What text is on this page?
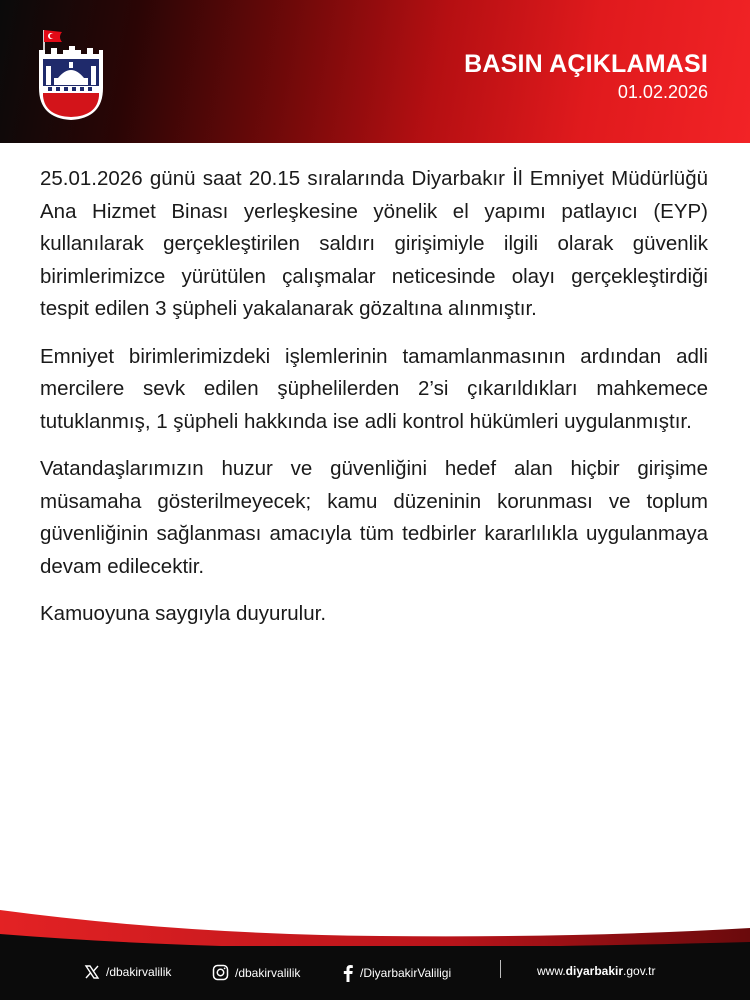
BASIN AÇIKLAMASI
01.02.2026

25.01.2026 günü saat 20.15 sıralarında Diyarbakır İl Emniyet Müdürlüğü Ana Hizmet Binası yerleşkesine yönelik el yapımı patlayıcı (EYP) kullanılarak gerçekleştirilen saldırı girişimiyle ilgili olarak güvenlik birimlerimizce yürütülen çalışmalar neticesinde olayı gerçekleştirdiği tespit edilen 3 şüpheli yakalanarak gözaltına alınmıştır.

Emniyet birimlerimizdeki işlemlerinin tamamlanmasının ardından adli mercilere sevk edilen şüphelilerden 2’si çıkarıldıkları mahkemece tutuklanmış, 1 şüpheli hakkında ise adli kontrol hükümleri uygulanmıştır.

Vatandaşlarımızın huzur ve güvenliğini hedef alan hiçbir girişime müsamaha gösterilmeyecek; kamu düzeninin korunması ve toplum güvenliğinin sağlanması amacıyla tüm tedbirler kararlılıkla uygulanmaya devam edilecektir.

Kamuoyuna saygıyla duyurulur.

/dbakirvalilik	/dbakirvalilik	/DiyarbakirValiligi	www. diyarbakir .gov.tr
